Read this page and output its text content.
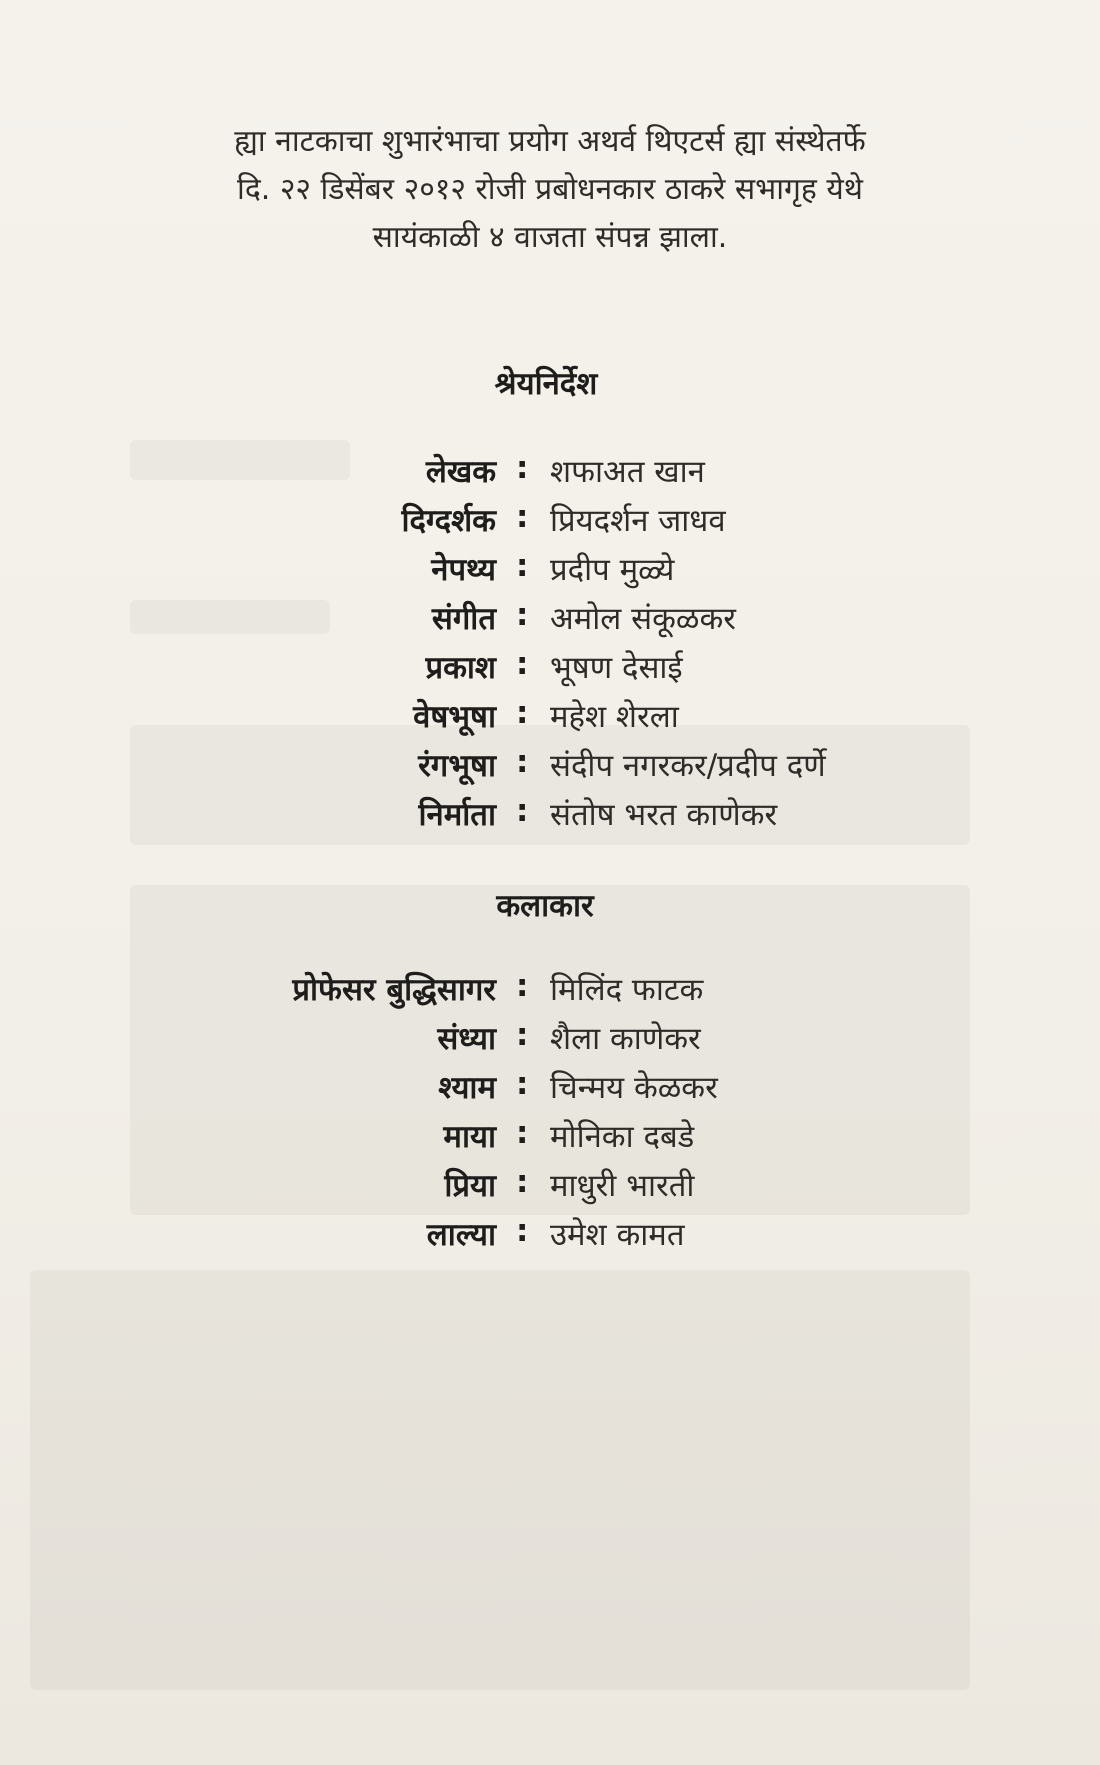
ह्या नाटकाचा शुभारंभाचा प्रयोग अथर्व थिएटर्स ह्या संस्थेतर्फे
दि. २२ डिसेंबर २०१२ रोजी प्रबोधनकार ठाकरे सभागृह येथे
सायंकाळी ४ वाजता संपन्न झाला.
श्रेयनिर्देश
लेखक : शफाअत खान
दिग्दर्शक : प्रियदर्शन जाधव
नेपथ्य : प्रदीप मुळ्ये
संगीत : अमोल संकूळकर
प्रकाश : भूषण देसाई
वेषभूषा : महेश शेरला
रंगभूषा : संदीप नगरकर/प्रदीप दर्णे
निर्माता : संतोष भरत काणेकर
कलाकार
प्रोफेसर बुद्धिसागर : मिलिंद फाटक
संध्या : शैला काणेकर
श्याम : चिन्मय केळकर
माया : मोनिका दबडे
प्रिया : माधुरी भारती
लाल्या : उमेश कामत
